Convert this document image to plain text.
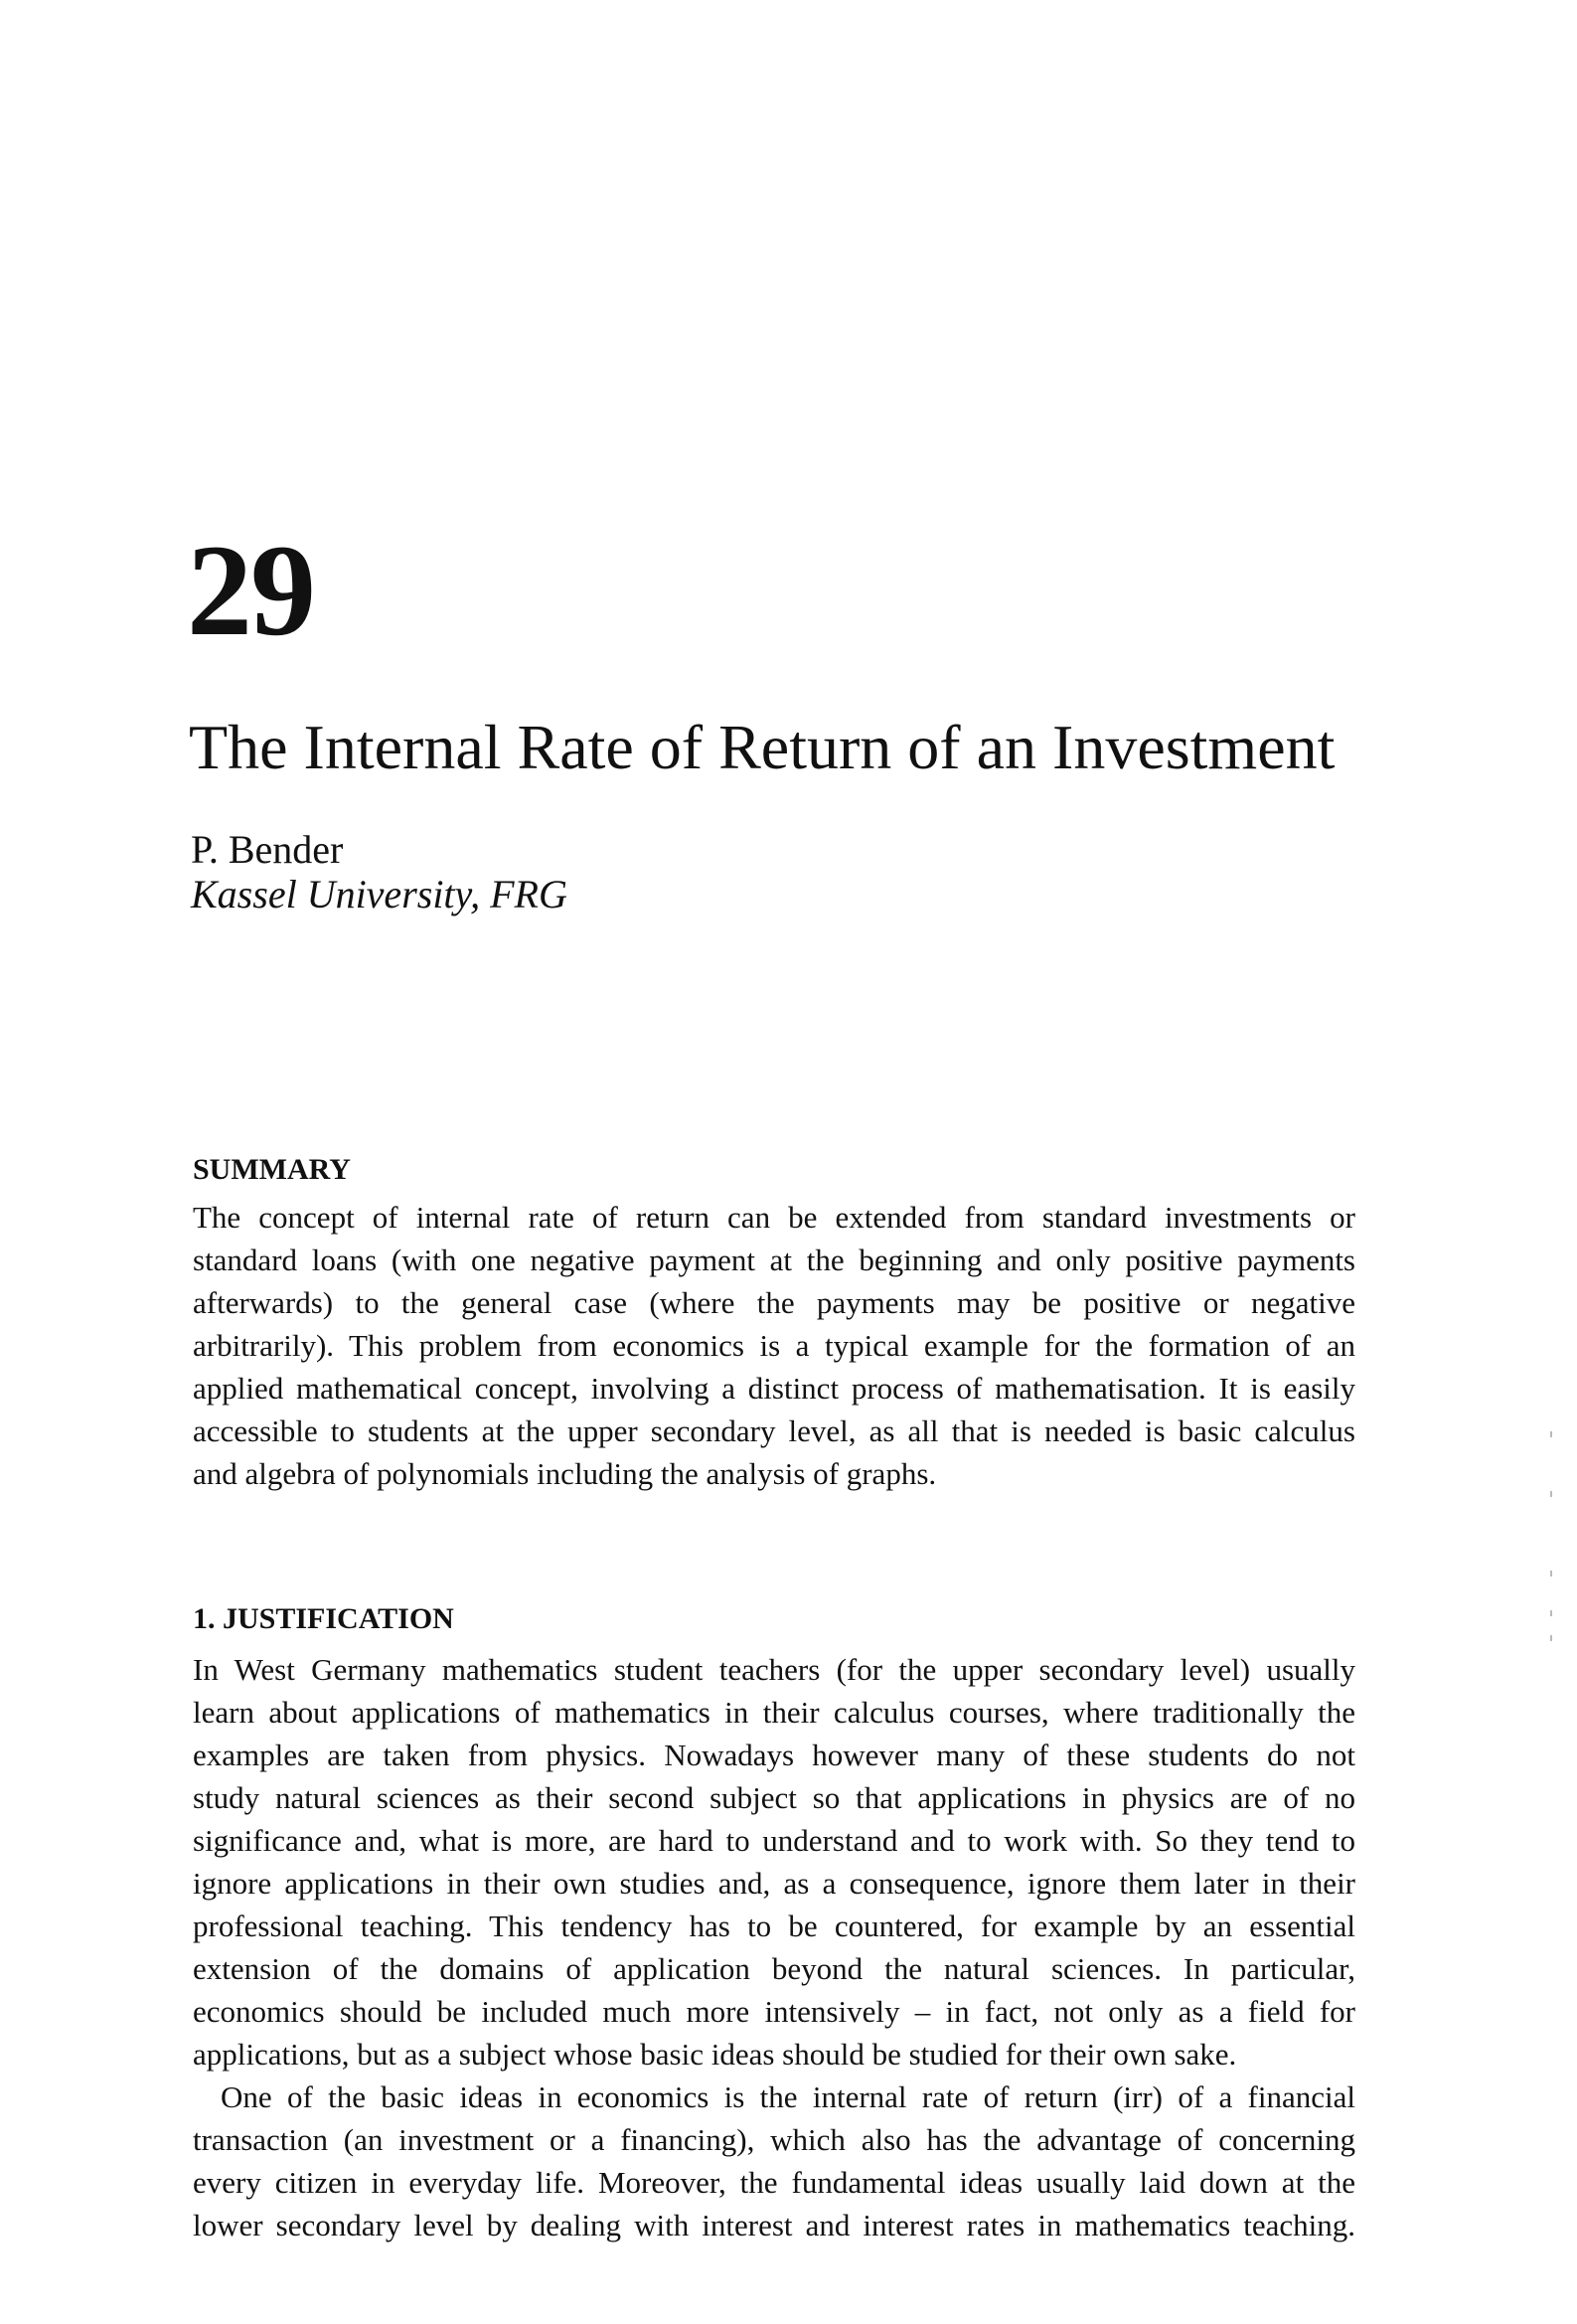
29
The Internal Rate of Return of an Investment
P. Bender
Kassel University, FRG
SUMMARY
The concept of internal rate of return can be extended from standard investments or
standard loans (with one negative payment at the beginning and only positive payments
afterwards) to the general case (where the payments may be positive or negative
arbitrarily). This problem from economics is a typical example for the formation of an
applied mathematical concept, involving a distinct process of mathematisation. It is easily
accessible to students at the upper secondary level, as all that is needed is basic calculus
and algebra of polynomials including the analysis of graphs.
1. JUSTIFICATION
In West Germany mathematics student teachers (for the upper secondary level) usually
learn about applications of mathematics in their calculus courses, where traditionally the
examples are taken from physics. Nowadays however many of these students do not
study natural sciences as their second subject so that applications in physics are of no
significance and, what is more, are hard to understand and to work with. So they tend to
ignore applications in their own studies and, as a consequence, ignore them later in their
professional teaching. This tendency has to be countered, for example by an essential
extension of the domains of application beyond the natural sciences. In particular,
economics should be included much more intensively – in fact, not only as a field for
applications, but as a subject whose basic ideas should be studied for their own sake.
One of the basic ideas in economics is the internal rate of return (irr) of a financial
transaction (an investment or a financing), which also has the advantage of concerning
every citizen in everyday life. Moreover, the fundamental ideas usually laid down at the
lower secondary level by dealing with interest and interest rates in mathematics teaching.
